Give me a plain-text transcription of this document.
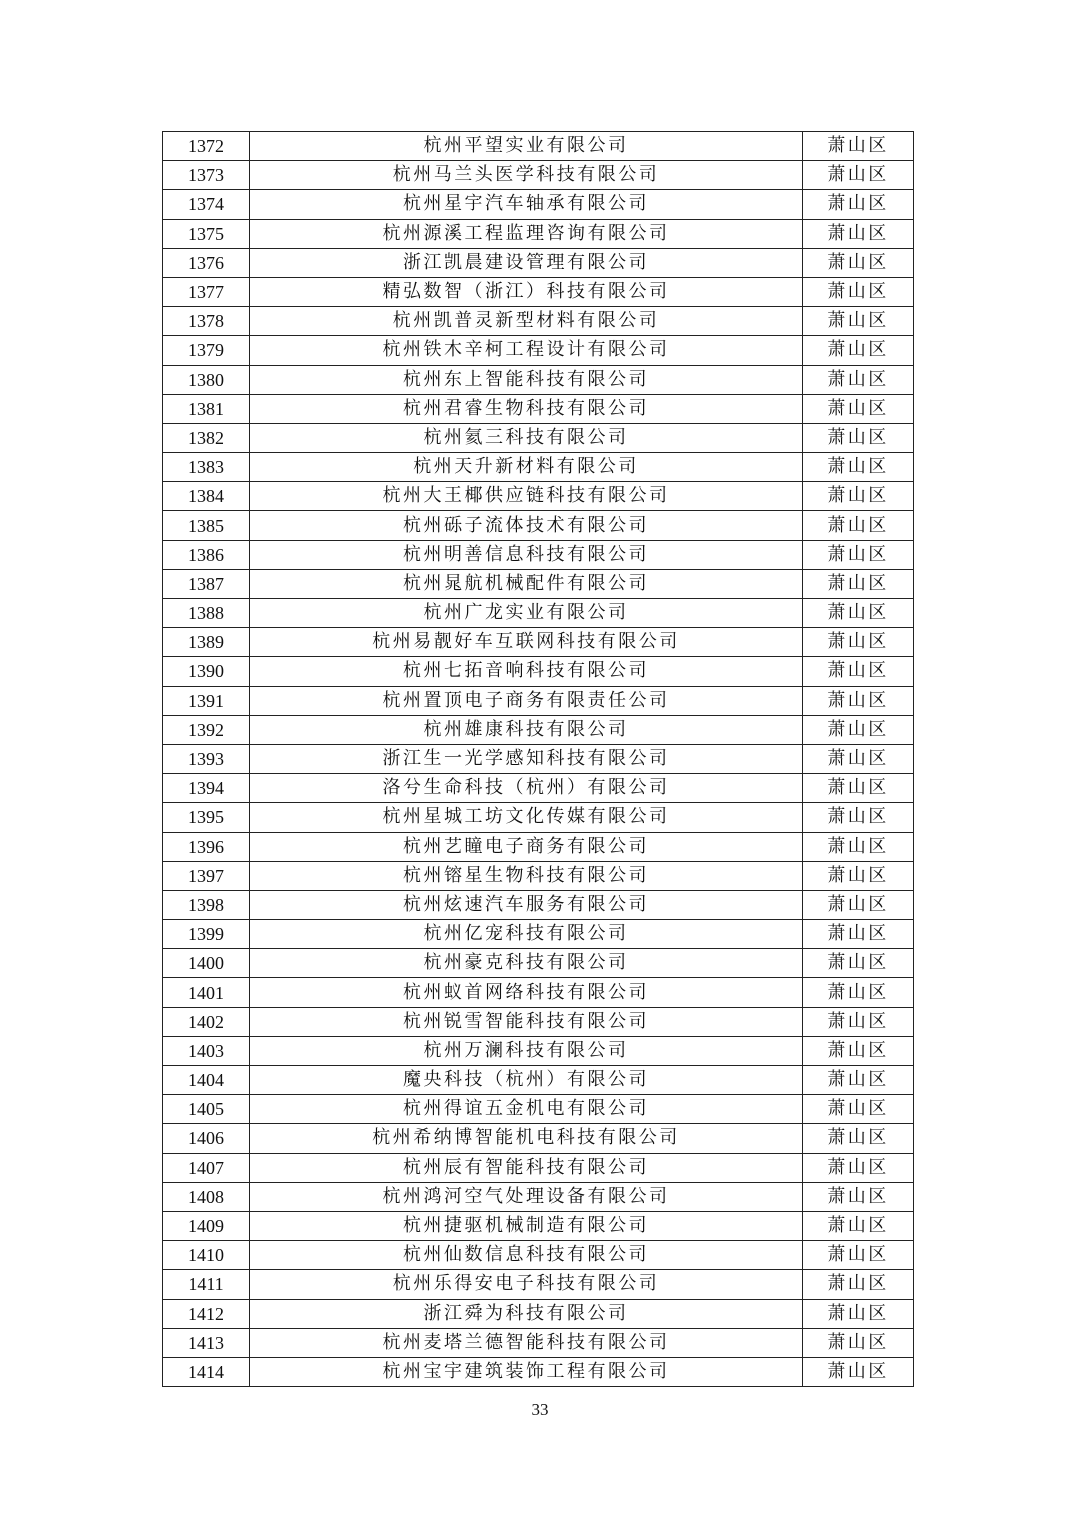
1372	杭州平望实业有限公司	萧山区
1373	杭州马兰头医学科技有限公司	萧山区
1374	杭州星宇汽车轴承有限公司	萧山区
1375	杭州源溪工程监理咨询有限公司	萧山区
1376	浙江凯晨建设管理有限公司	萧山区
1377	精弘数智（浙江）科技有限公司	萧山区
1378	杭州凯普灵新型材料有限公司	萧山区
1379	杭州铁木辛柯工程设计有限公司	萧山区
1380	杭州东上智能科技有限公司	萧山区
1381	杭州君睿生物科技有限公司	萧山区
1382	杭州氦三科技有限公司	萧山区
1383	杭州天升新材料有限公司	萧山区
1384	杭州大王椰供应链科技有限公司	萧山区
1385	杭州砾子流体技术有限公司	萧山区
1386	杭州明善信息科技有限公司	萧山区
1387	杭州晁航机械配件有限公司	萧山区
1388	杭州广龙实业有限公司	萧山区
1389	杭州易靓好车互联网科技有限公司	萧山区
1390	杭州七拓音响科技有限公司	萧山区
1391	杭州置顶电子商务有限责任公司	萧山区
1392	杭州雄康科技有限公司	萧山区
1393	浙江生一光学感知科技有限公司	萧山区
1394	洛兮生命科技（杭州）有限公司	萧山区
1395	杭州星城工坊文化传媒有限公司	萧山区
1396	杭州艺瞳电子商务有限公司	萧山区
1397	杭州镕星生物科技有限公司	萧山区
1398	杭州炫速汽车服务有限公司	萧山区
1399	杭州亿宠科技有限公司	萧山区
1400	杭州豪克科技有限公司	萧山区
1401	杭州蚁首网络科技有限公司	萧山区
1402	杭州锐雪智能科技有限公司	萧山区
1403	杭州万澜科技有限公司	萧山区
1404	魔央科技（杭州）有限公司	萧山区
1405	杭州得谊五金机电有限公司	萧山区
1406	杭州希纳博智能机电科技有限公司	萧山区
1407	杭州辰有智能科技有限公司	萧山区
1408	杭州鸿河空气处理设备有限公司	萧山区
1409	杭州捷驱机械制造有限公司	萧山区
1410	杭州仙数信息科技有限公司	萧山区
1411	杭州乐得安电子科技有限公司	萧山区
1412	浙江舜为科技有限公司	萧山区
1413	杭州麦塔兰德智能科技有限公司	萧山区
1414	杭州宝宇建筑装饰工程有限公司	萧山区
33
